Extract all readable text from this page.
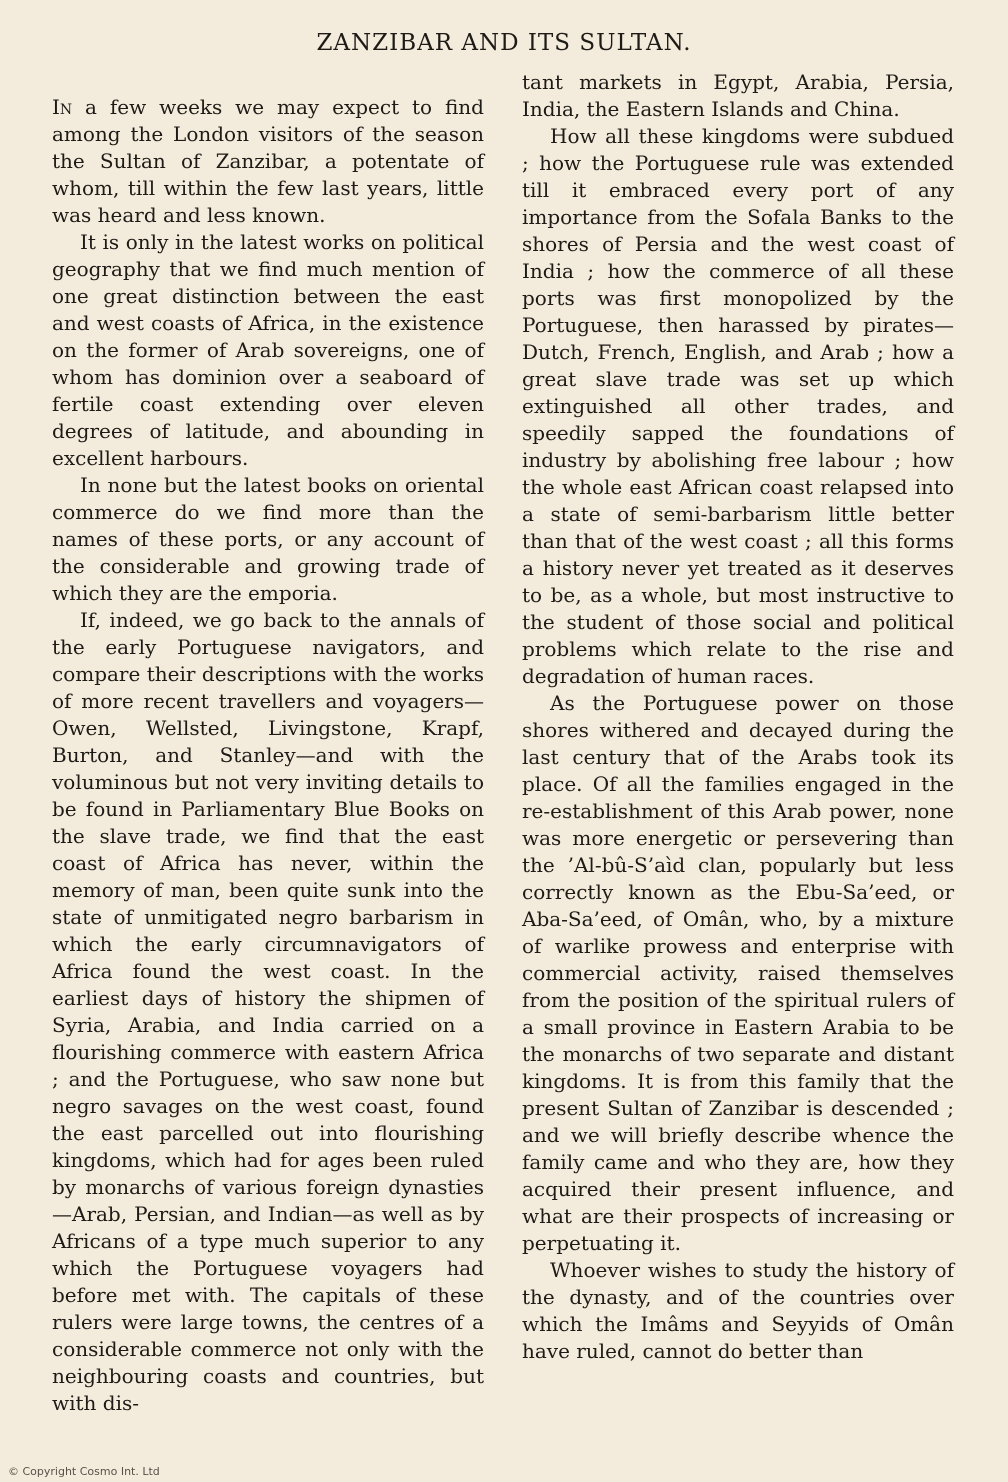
ZANZIBAR AND ITS SULTAN.

In a few weeks we may expect to find among the London visitors of the season the Sultan of Zanzibar, a potentate of whom, till within the few last years, little was heard and less known.

It is only in the latest works on political geography that we find much mention of one great distinction between the east and west coasts of Africa, in the existence on the former of Arab sovereigns, one of whom has dominion over a seaboard of fertile coast extending over eleven degrees of latitude, and abounding in excellent harbours.

In none but the latest books on oriental commerce do we find more than the names of these ports, or any account of the considerable and growing trade of which they are the emporia.

If, indeed, we go back to the annals of the early Portuguese navigators, and compare their descriptions with the works of more recent travellers and voyagers—Owen, Wellsted, Livingstone, Krapf, Burton, and Stanley—and with the voluminous but not very inviting details to be found in Parliamentary Blue Books on the slave trade, we find that the east coast of Africa has never, within the memory of man, been quite sunk into the state of unmitigated negro barbarism in which the early circumnavigators of Africa found the west coast. In the earliest days of history the shipmen of Syria, Arabia, and India carried on a flourishing commerce with eastern Africa ; and the Portuguese, who saw none but negro savages on the west coast, found the east parcelled out into flourishing kingdoms, which had for ages been ruled by monarchs of various foreign dynasties—Arab, Persian, and Indian—as well as by Africans of a type much superior to any which the Portuguese voyagers had before met with. The capitals of these rulers were large towns, the centres of a considerable commerce not only with the neighbouring coasts and countries, but with dis-

tant markets in Egypt, Arabia, Persia, India, the Eastern Islands and China.

How all these kingdoms were subdued ; how the Portuguese rule was extended till it embraced every port of any importance from the Sofala Banks to the shores of Persia and the west coast of India ; how the commerce of all these ports was first monopolized by the Portuguese, then harassed by pirates—Dutch, French, English, and Arab ; how a great slave trade was set up which extinguished all other trades, and speedily sapped the foundations of industry by abolishing free labour ; how the whole east African coast relapsed into a state of semi-barbarism little better than that of the west coast ; all this forms a history never yet treated as it deserves to be, as a whole, but most instructive to the student of those social and political problems which relate to the rise and degradation of human races.

As the Portuguese power on those shores withered and decayed during the last century that of the Arabs took its place. Of all the families engaged in the re-establishment of this Arab power, none was more energetic or persevering than the ’Al-bû-S’aìd clan, popularly but less correctly known as the Ebu-Sa’eed, or Aba-Sa’eed, of Omân, who, by a mixture of warlike prowess and enterprise with commercial activity, raised themselves from the position of the spiritual rulers of a small province in Eastern Arabia to be the monarchs of two separate and distant kingdoms. It is from this family that the present Sultan of Zanzibar is descended ; and we will briefly describe whence the family came and who they are, how they acquired their present influence, and what are their prospects of increasing or perpetuating it.

Whoever wishes to study the history of the dynasty, and of the countries over which the Imâms and Seyyids of Omân have ruled, cannot do better than

© Copyright Cosmo Int. Ltd
